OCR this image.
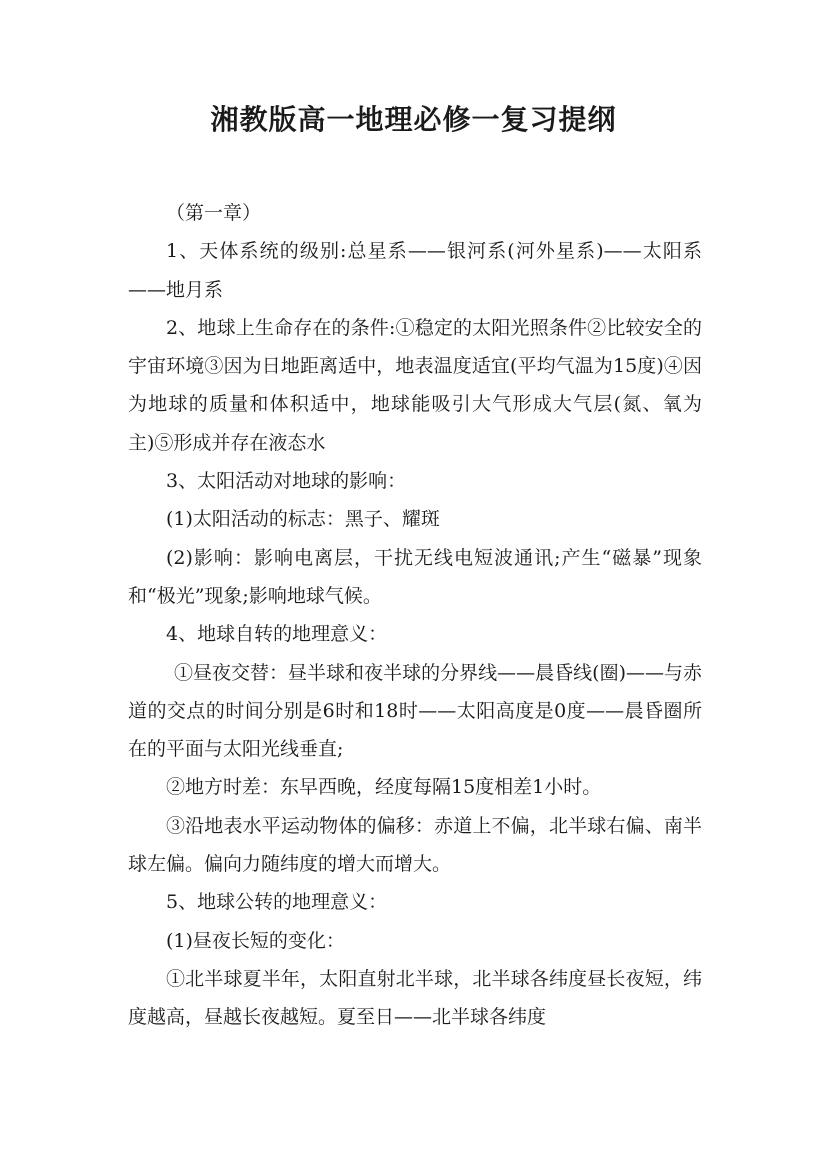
湘教版高一地理必修一复习提纲

（第一章）

1、天体系统的级别:总星系——银河系(河外星系)——太阳系——地月系

2、地球上生命存在的条件:①稳定的太阳光照条件②比较安全的宇宙环境③因为日地距离适中，地表温度适宜(平均气温为15度)④因为地球的质量和体积适中，地球能吸引大气形成大气层(氮、氧为主)⑤形成并存在液态水

3、太阳活动对地球的影响：

(1)太阳活动的标志：黑子、耀斑

(2)影响：影响电离层，干扰无线电短波通讯;产生“磁暴”现象和“极光”现象;影响地球气候。

4、地球自转的地理意义：

①昼夜交替：昼半球和夜半球的分界线——晨昏线(圈)——与赤道的交点的时间分别是6时和18时——太阳高度是0度——晨昏圈所在的平面与太阳光线垂直;

②地方时差：东早西晚，经度每隔15度相差1小时。

③沿地表水平运动物体的偏移：赤道上不偏，北半球右偏、南半球左偏。偏向力随纬度的增大而增大。

5、地球公转的地理意义：

(1)昼夜长短的变化：

①北半球夏半年，太阳直射北半球，北半球各纬度昼长夜短，纬度越高，昼越长夜越短。夏至日——北半球各纬度
